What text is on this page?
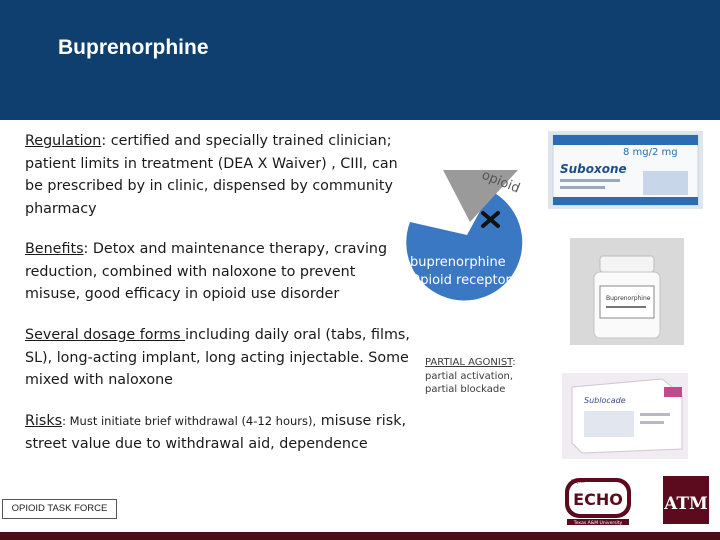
Buprenorphine
Regulation: certified and specially trained clinician; patient limits in treatment (DEA X Waiver) , CIII, can be prescribed by in clinic, dispensed by community pharmacy
Benefits: Detox and maintenance therapy, craving reduction, combined with naloxone to prevent misuse, good efficacy in opioid use disorder
Several dosage forms including daily oral (tabs, films, SL), long-acting implant, long acting injectable. Some mixed with naloxone
Risks: Must initiate brief withdrawal (4-12 hours), misuse risk, street value due to withdrawal aid, dependence
opioid
buprenorphine
Opioid receptor
PARTIAL AGONIST:
partial activation,
partial blockade
8 mg/2 mg
Suboxone
Buprenorphine
Sublocade
OPIOID TASK FORCE
Project
ECHO
Texas A&M University
ATM
